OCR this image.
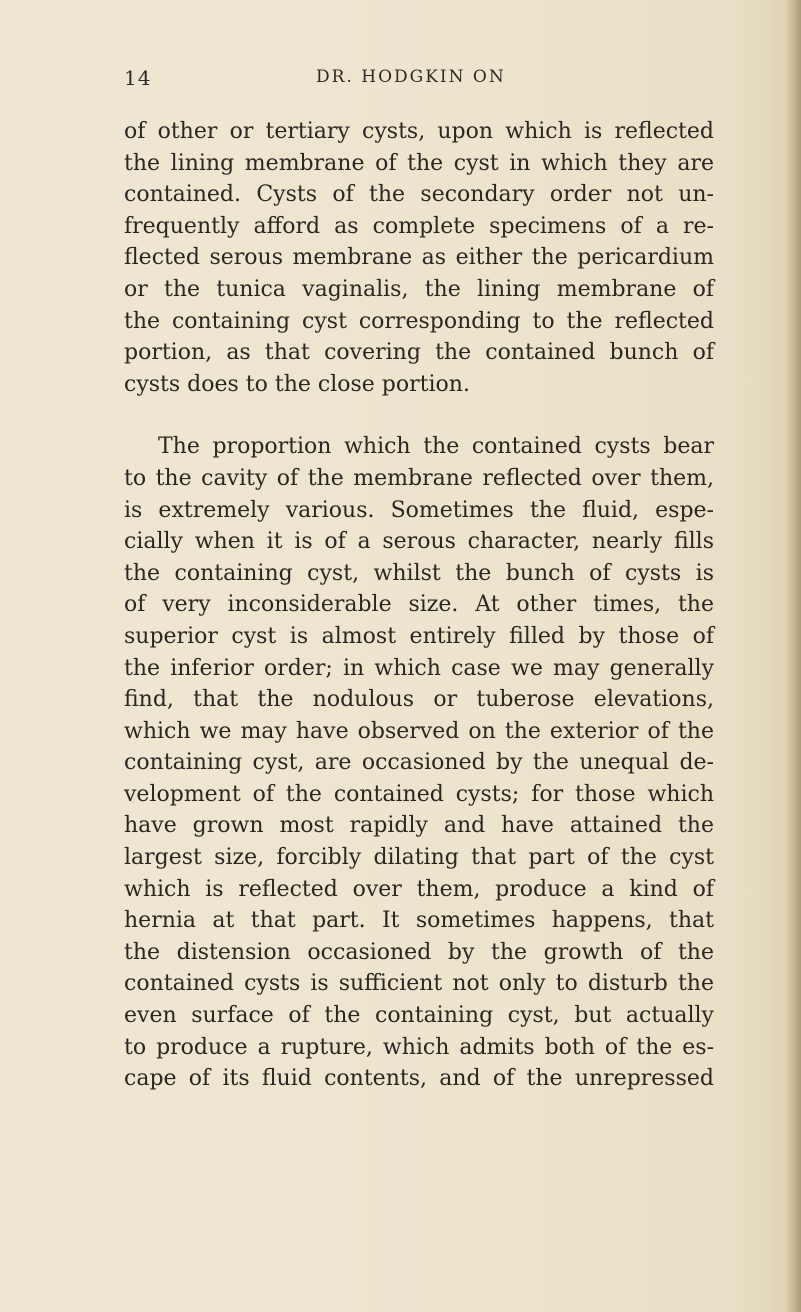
14	DR. HODGKIN ON
of other or tertiary cysts, upon which is reflected
the lining membrane of the cyst in which they are
contained. Cysts of the secondary order not un-
frequently afford as complete specimens of a re-
flected serous membrane as either the pericardium
or the tunica vaginalis, the lining membrane of
the containing cyst corresponding to the reflected
portion, as that covering the contained bunch of
cysts does to the close portion.
The proportion which the contained cysts bear
to the cavity of the membrane reflected over them,
is extremely various. Sometimes the fluid, espe-
cially when it is of a serous character, nearly fills
the containing cyst, whilst the bunch of cysts is
of very inconsiderable size. At other times, the
superior cyst is almost entirely filled by those of
the inferior order; in which case we may generally
find, that the nodulous or tuberose elevations,
which we may have observed on the exterior of the
containing cyst, are occasioned by the unequal de-
velopment of the contained cysts; for those which
have grown most rapidly and have attained the
largest size, forcibly dilating that part of the cyst
which is reflected over them, produce a kind of
hernia at that part. It sometimes happens, that
the distension occasioned by the growth of the
contained cysts is sufficient not only to disturb the
even surface of the containing cyst, but actually
to produce a rupture, which admits both of the es-
cape of its fluid contents, and of the unrepressed
